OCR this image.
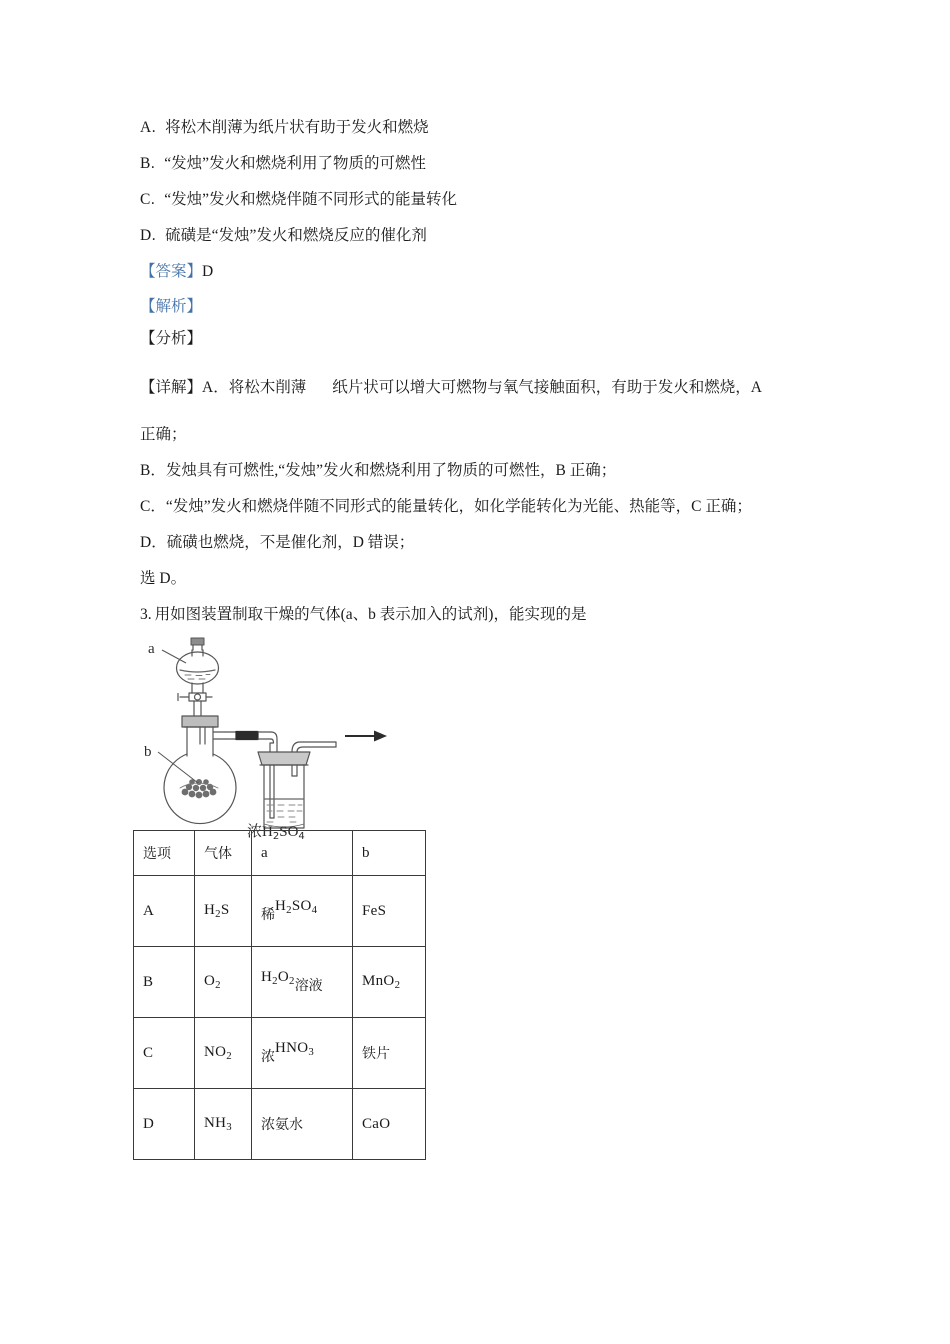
A. 将松木削薄为纸片状有助于发火和燃烧
B. “发烛”发火和燃烧利用了物质的可燃性
C. “发烛”发火和燃烧伴随不同形式的能量转化
D. 硫磺是“发烛”发火和燃烧反应的催化剂
【答案】D
【解析】
【分析】
【详解】A．将松木削薄 纸片状可以增大可燃物与氧气接触面积，有助于发火和燃烧，A
正确；
B．发烛具有可燃性,“发烛”发火和燃烧利用了物质的可燃性，B 正确；
C．“发烛”发火和燃烧伴随不同形式的能量转化，如化学能转化为光能、热能等，C 正确；
D．硫磺也燃烧，不是催化剂，D 错误；
选 D。
3. 用如图装置制取干燥的气体(a、b 表示加入的试剂)，能实现的是
a
b
浓$H_2SO_4$
选项	气体	a	b
A	$H_2S$	稀$H_2SO_4$	FeS
B	$O_2$	$H_2O_2$溶液	MnO$_2$
C	$NO_2$	浓$HNO_3$	铁片
D	$NH_3$	浓氨水	CaO
